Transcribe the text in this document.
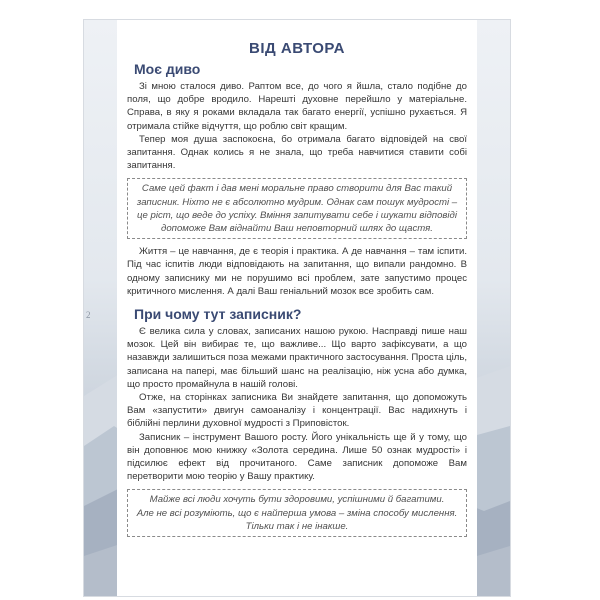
2
ВІД АВТОРА
Моє диво

Зі мною сталося диво. Раптом все, до чого я йшла, стало подібне до поля, що добре вродило. Нарешті духовне перейшло у матеріальне. Справа, в яку я роками вкладала так багато енергії, успішно рухається. Я отримала стійке відчуття, що роблю світ кращим.

Тепер моя душа заспокоєна, бо отримала багато відповідей на свої запитання. Однак колись я не знала, що треба навчитися ставити собі запитання.

Саме цей факт і дав мені моральне право створити для Вас такий записник. Ніхто не є абсолютно мудрим. Однак сам пошук мудрості – це ріст, що веде до успіху. Вміння запитувати себе і шукати відповіді допоможе Вам віднайти Ваш неповторний шлях до щастя.

Життя – це навчання, де є теорія і практика. А де навчання – там іспити. Під час іспитів люди відповідають на запитання, що випали рандомно. В одному записнику ми не порушимо всі проблем, зате запустимо процес критичного мислення. А далі Ваш геніальний мозок все зробить сам.

При чому тут записник?

Є велика сила у словах, записаних нашою рукою. Насправді пише наш мозок. Цей він вибирає те, що важливе... Що варто зафіксувати, а що назавжди залишиться поза межами практичного застосування. Проста ціль, записана на папері, має більший шанс на реалізацію, ніж усна або думка, що просто промайнула в нашій голові.

Отже, на сторінках записника Ви знайдете запитання, що допоможуть Вам «запустити» двигун самоаналізу і концентрації. Вас надихнуть і біблійні перлини духовної мудрості з Приповісток.

Записник – інструмент Вашого росту. Його унікальність ще й у тому, що він доповнює мою книжку «Золота середина. Лише 50 ознак мудрості» і підсилює ефект від прочитаного. Саме записник допоможе Вам перетворити мою теорію у Вашу практику.

Майже всі люди хочуть бути здоровими, успішними й багатими.
Але не всі розуміють, що є найперша умова – зміна способу мислення.
Тільки так і не інакше.
